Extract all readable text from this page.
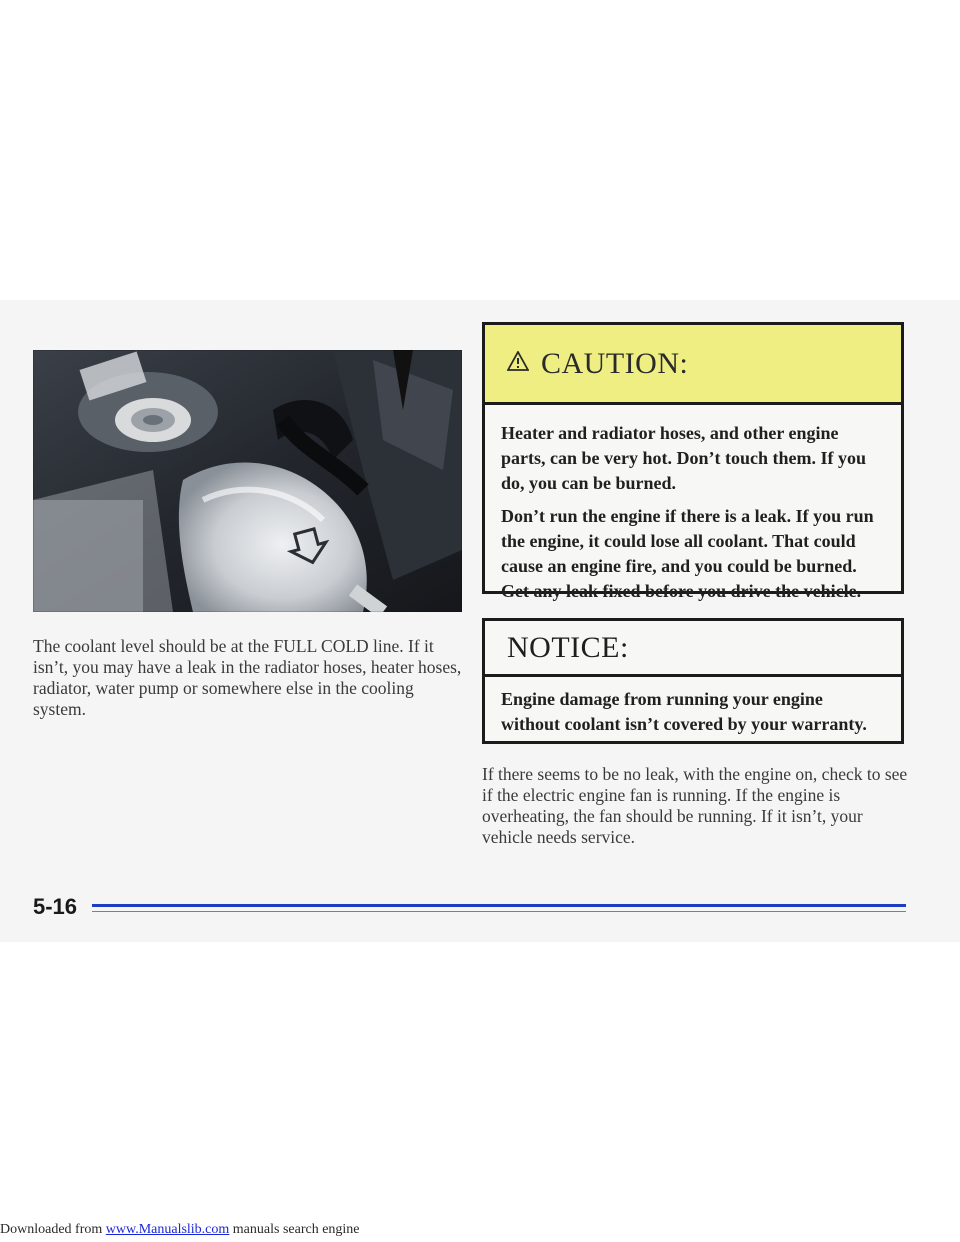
CAUTION:

Heater and radiator hoses, and other engine parts, can be very hot. Don’t touch them. If you do, you can be burned.

Don’t run the engine if there is a leak. If you run the engine, it could lose all coolant. That could cause an engine fire, and you could be burned. Get any leak fixed before you drive the vehicle.

The coolant level should be at the FULL COLD line. If it isn’t, you may have a leak in the radiator hoses, heater hoses, radiator, water pump or somewhere else in the cooling system.

NOTICE:

Engine damage from running your engine without coolant isn’t covered by your warranty.

If there seems to be no leak, with the engine on, check to see if the electric engine fan is running. If the engine is overheating, the fan should be running. If it isn’t, your vehicle needs service.

5-16
Downloaded from www.Manualslib.com manuals search engine
